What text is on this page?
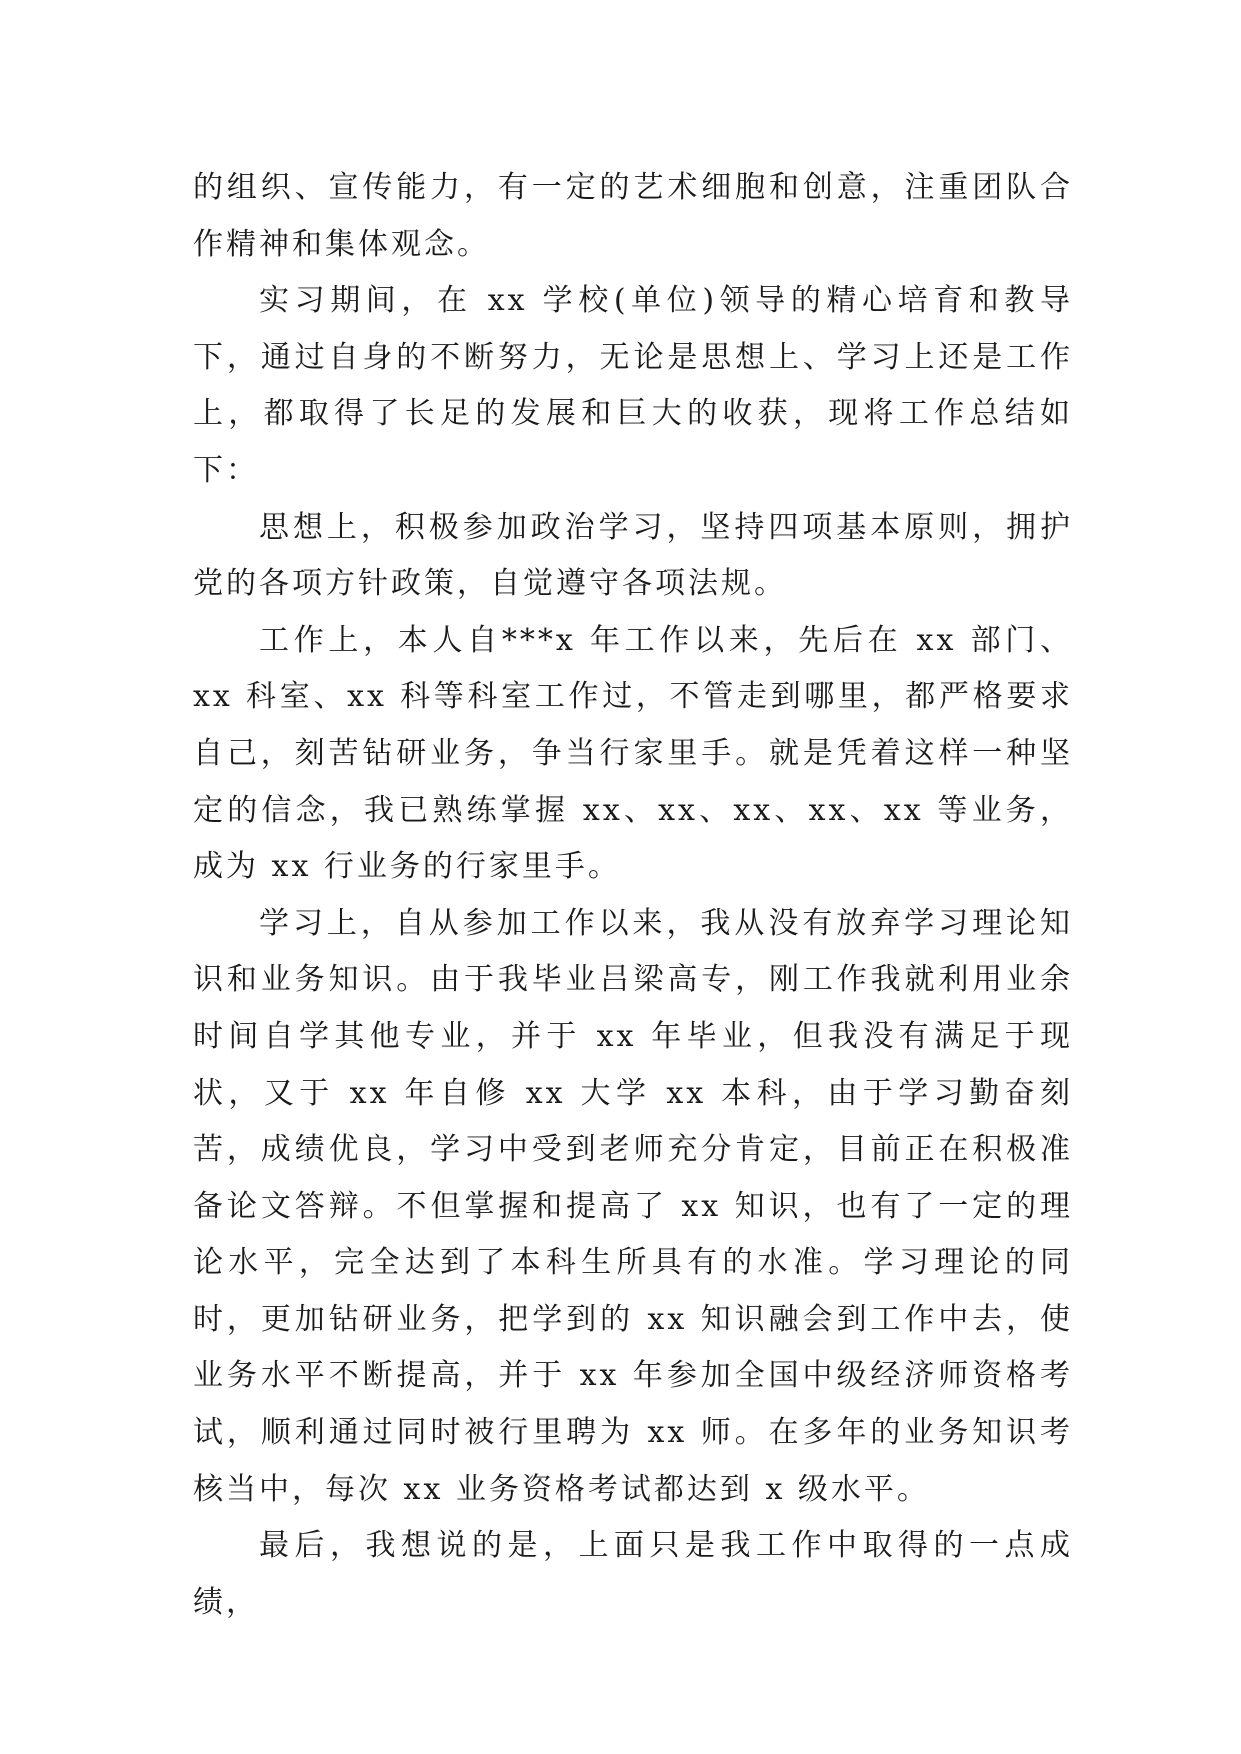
的组织、宣传能力，有一定的艺术细胞和创意，注重团队合作精神和集体观念。

实习期间，在 xx 学校(单位)领导的精心培育和教导下，通过自身的不断努力，无论是思想上、学习上还是工作上，都取得了长足的发展和巨大的收获，现将工作总结如下：

思想上，积极参加政治学习，坚持四项基本原则，拥护党的各项方针政策，自觉遵守各项法规。

工作上，本人自***x 年工作以来，先后在 xx 部门、xx 科室、xx 科等科室工作过，不管走到哪里，都严格要求自己，刻苦钻研业务，争当行家里手。就是凭着这样一种坚定的信念，我已熟练掌握 xx、xx、xx、xx、xx 等业务，成为 xx 行业务的行家里手。

学习上，自从参加工作以来，我从没有放弃学习理论知识和业务知识。由于我毕业吕梁高专，刚工作我就利用业余时间自学其他专业，并于 xx 年毕业，但我没有满足于现状，又于 xx 年自修 xx 大学 xx 本科，由于学习勤奋刻苦，成绩优良，学习中受到老师充分肯定，目前正在积极准备论文答辩。不但掌握和提高了 xx 知识，也有了一定的理论水平，完全达到了本科生所具有的水准。学习理论的同时，更加钻研业务，把学到的 xx 知识融会到工作中去，使业务水平不断提高，并于 xx 年参加全国中级经济师资格考试，顺利通过同时被行里聘为 xx 师。在多年的业务知识考核当中，每次 xx 业务资格考试都达到 x 级水平。

最后，我想说的是，上面只是我工作中取得的一点成绩，
